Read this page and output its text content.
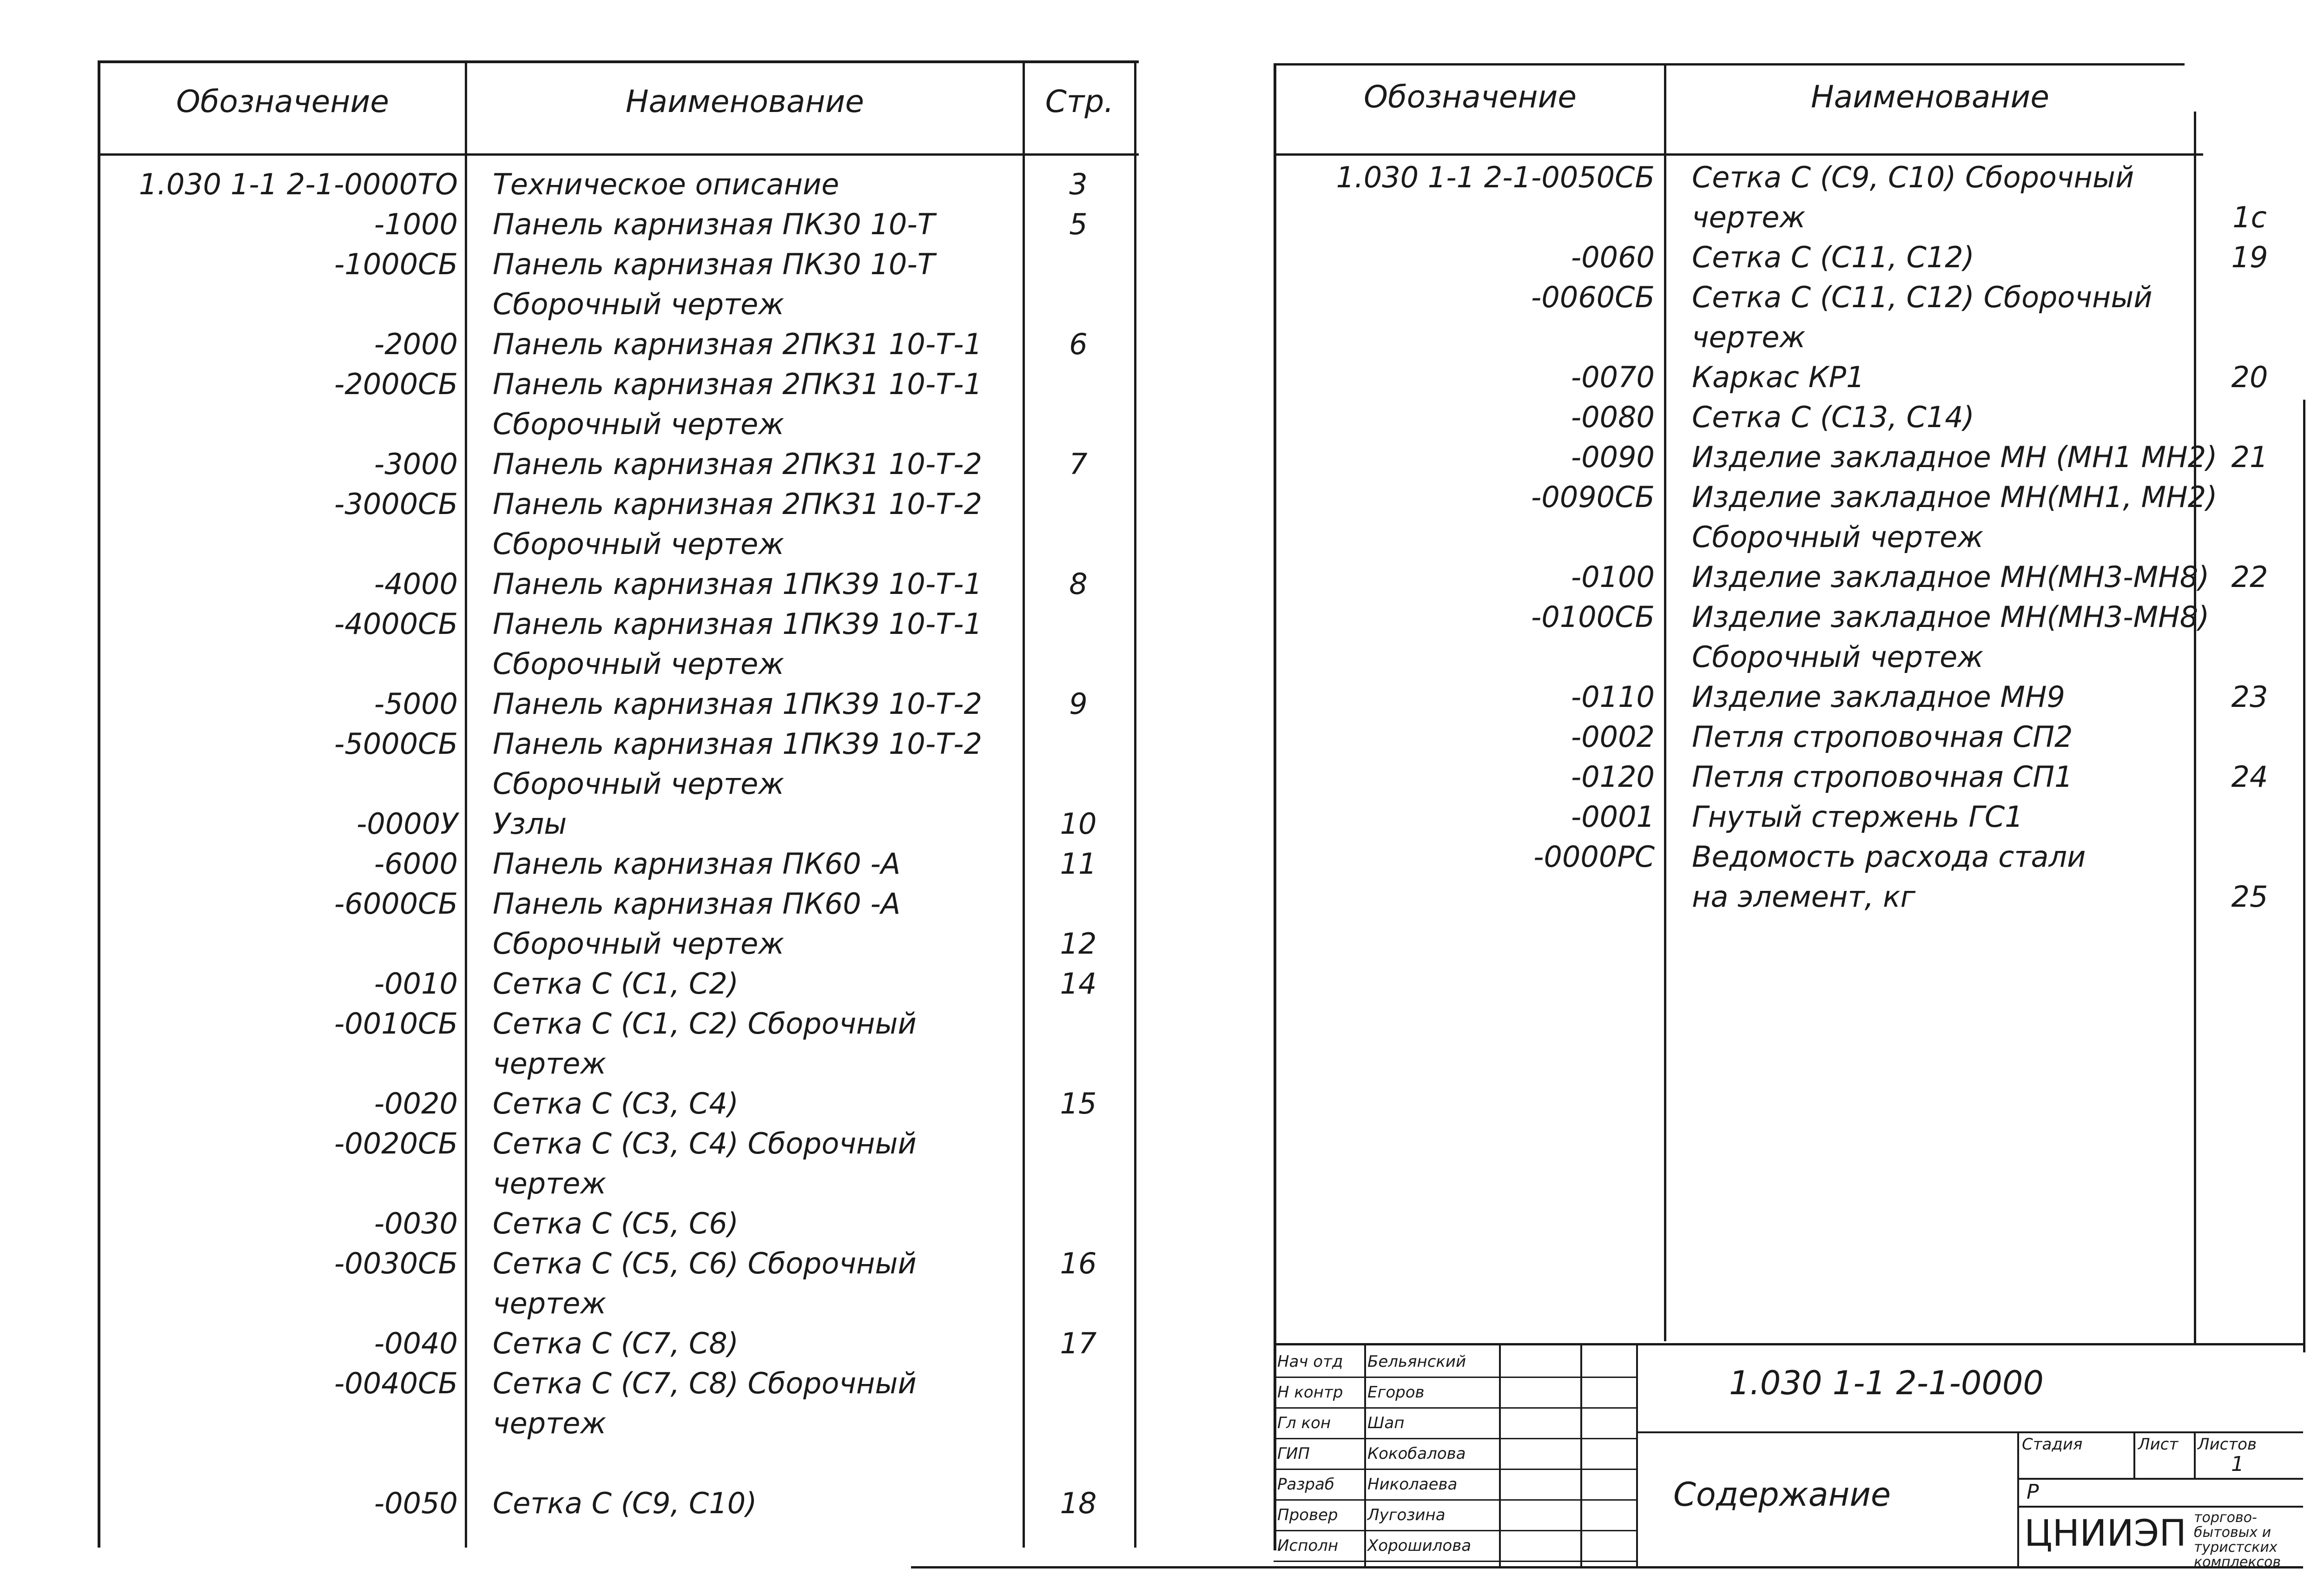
Обозначение	Наименование	Стр.
1.030 1-1 2-1-0000ТО Техническое описание	3
-1000 Панель карнизная ПК30 10-Т	5
-1000СБ Панель карнизная ПК30 10-Т
Сборочный чертеж
-2000 Панель карнизная 2ПК31 10-Т-1	6
-2000СБ Панель карнизная 2ПК31 10-Т-1
Сборочный чертеж
-3000 Панель карнизная 2ПК31 10-Т-2	7
-3000СБ Панель карнизная 2ПК31 10-Т-2
Сборочный чертеж
-4000 Панель карнизная 1ПК39 10-Т-1	8
-4000СБ Панель карнизная 1ПК39 10-Т-1
Сборочный чертеж
-5000 Панель карнизная 1ПК39 10-Т-2	9
-5000СБ Панель карнизная 1ПК39 10-Т-2
Сборочный чертеж
-0000У Узлы	10
-6000 Панель карнизная ПК60 -А	11
-6000СБ Панель карнизная ПК60 -А
Сборочный чертеж	12
-0010 Сетка С (С1, С2)	14
-0010СБ Сетка С (С1, С2) Сборочный
чертеж
-0020 Сетка С (С3, С4)	15
-0020СБ Сетка С (С3, С4) Сборочный
чертеж
-0030 Сетка С (С5, С6)
-0030СБ Сетка С (С5, С6) Сборочный	16
чертеж
-0040 Сетка С (С7, С8)	17
-0040СБ Сетка С (С7, С8) Сборочный
чертеж
-0050 Сетка С (С9, С10)	18
Обозначение	Наименование
1.030 1-1 2-1-0050СБ Сетка С (С9, С10) Сборочный
чертеж	1с
-0060 Сетка С (С11, С12)	19
-0060СБ Сетка С (С11, С12) Сборочный
чертеж
-0070 Каркас КР1	20
-0080 Сетка С (С13, С14)
-0090 Изделие закладное МН (МН1 МН2) 21
-0090СБ Изделие закладное МН(МН1, МН2)
Сборочный чертеж
-0100 Изделие закладное МН(МН3-МН8) 22
-0100СБ Изделие закладное МН(МН3-МН8)
Сборочный чертеж
-0110 Изделие закладное МН9	23
-0002 Петля строповочная СП2
-0120 Петля строповочная СП1	24
-0001 Гнутый стержень ГС1
-0000РС Ведомость расхода стали
на элемент, кг	25
Нач отд Бельянский
Н контр Егоров
Гл кон Шап
ГИП	Кокобалова
Разраб Николаева
Провер Лугозина
Исполн Хорошилова
1.030 1-1 2-1-0000
Содержание
Стадия	Лист Листов
Р
1
ЦНИИЭП торгово-бытовых и туристских комплексов
